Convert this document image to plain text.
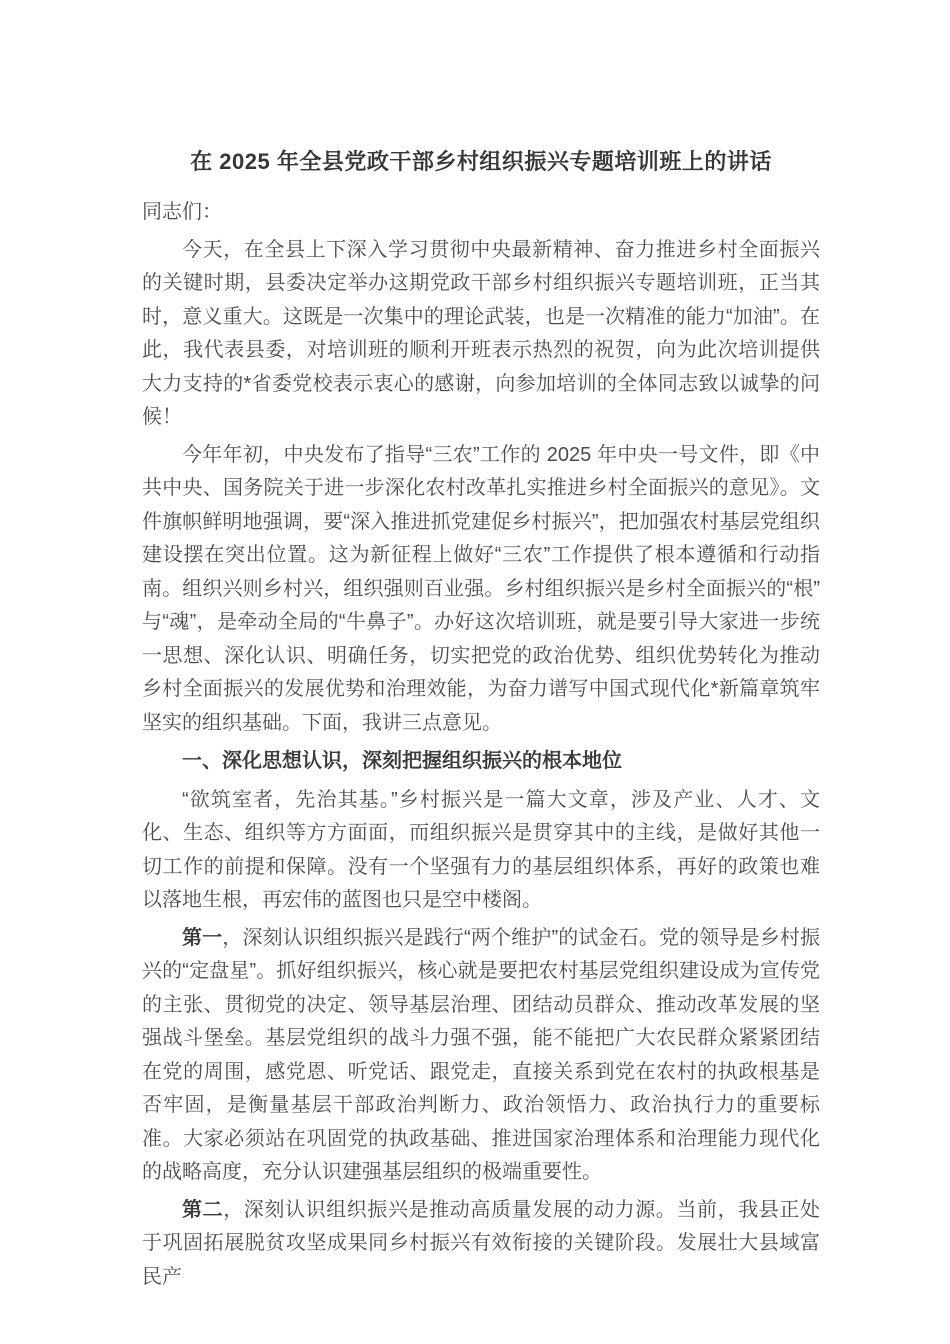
在 2025 年全县党政干部乡村组织振兴专题培训班上的讲话

同志们：

今天，在全县上下深入学习贯彻中央最新精神、奋力推进乡村全面振兴的关键时期，县委决定举办这期党政干部乡村组织振兴专题培训班，正当其时，意义重大。这既是一次集中的理论武装，也是一次精准的能力“加油”。在此，我代表县委，对培训班的顺利开班表示热烈的祝贺，向为此次培训提供大力支持的*省委党校表示衷心的感谢，向参加培训的全体同志致以诚挚的问候！

今年年初，中央发布了指导“三农”工作的 2025 年中央一号文件，即《中共中央、国务院关于进一步深化农村改革扎实推进乡村全面振兴的意见》。文件旗帜鲜明地强调，要“深入推进抓党建促乡村振兴”，把加强农村基层党组织建设摆在突出位置。这为新征程上做好“三农”工作提供了根本遵循和行动指南。组织兴则乡村兴，组织强则百业强。乡村组织振兴是乡村全面振兴的“根”与“魂”，是牵动全局的“牛鼻子”。办好这次培训班，就是要引导大家进一步统一思想、深化认识、明确任务，切实把党的政治优势、组织优势转化为推动乡村全面振兴的发展优势和治理效能，为奋力谱写中国式现代化*新篇章筑牢坚实的组织基础。下面，我讲三点意见。

一、深化思想认识，深刻把握组织振兴的根本地位

“欲筑室者，先治其基。”乡村振兴是一篇大文章，涉及产业、人才、文化、生态、组织等方方面面，而组织振兴是贯穿其中的主线，是做好其他一切工作的前提和保障。没有一个坚强有力的基层组织体系，再好的政策也难以落地生根，再宏伟的蓝图也只是空中楼阁。

第一，深刻认识组织振兴是践行“两个维护”的试金石。党的领导是乡村振兴的“定盘星”。抓好组织振兴，核心就是要把农村基层党组织建设成为宣传党的主张、贯彻党的决定、领导基层治理、团结动员群众、推动改革发展的坚强战斗堡垒。基层党组织的战斗力强不强，能不能把广大农民群众紧紧团结在党的周围，感党恩、听党话、跟党走，直接关系到党在农村的执政根基是否牢固，是衡量基层干部政治判断力、政治领悟力、政治执行力的重要标准。大家必须站在巩固党的执政基础、推进国家治理体系和治理能力现代化的战略高度，充分认识建强基层组织的极端重要性。

第二，深刻认识组织振兴是推动高质量发展的动力源。当前，我县正处于巩固拓展脱贫攻坚成果同乡村振兴有效衔接的关键阶段。发展壮大县域富民产
